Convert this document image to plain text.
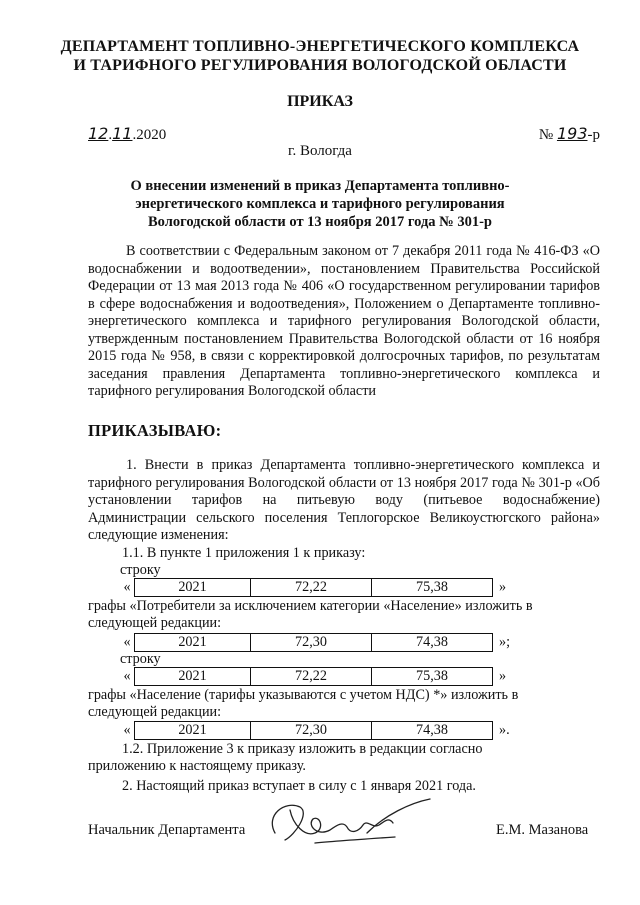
ДЕПАРТАМЕНТ ТОПЛИВНО-ЭНЕРГЕТИЧЕСКОГО КОМПЛЕКСА
И ТАРИФНОГО РЕГУЛИРОВАНИЯ ВОЛОГОДСКОЙ ОБЛАСТИ
ПРИКАЗ
12.11.2020	№ 193-р
г. Вологда
О внесении изменений в приказ Департамента топливно-энергетического комплекса и тарифного регулирования Вологодской области от 13 ноября 2017 года № 301-р
В соответствии с Федеральным законом от 7 декабря 2011 года № 416-ФЗ «О водоснабжении и водоотведении», постановлением Правительства Российской Федерации от 13 мая 2013 года № 406 «О государственном регулировании тарифов в сфере водоснабжения и водоотведения», Положением о Департаменте топливно-энергетического комплекса и тарифного регулирования Вологодской области, утвержденным постановлением Правительства Вологодской области от 16 ноября 2015 года № 958, в связи с корректировкой долгосрочных тарифов, по результатам заседания правления Департамента топливно-энергетического комплекса и тарифного регулирования Вологодской области
ПРИКАЗЫВАЮ:
1. Внести в приказ Департамента топливно-энергетического комплекса и тарифного регулирования Вологодской области от 13 ноября 2017 года № 301-р «Об установлении тарифов на питьевую воду (питьевое водоснабжение) Администрации сельского поселения Теплогорское Великоустюгского района» следующие изменения:
1.1. В пункте 1 приложения 1 к приказу:
строку
«	2021	72,22	75,38	»
графы «Потребители за исключением категории «Население» изложить в
следующей редакции:
«	2021	72,30	74,38	»;
строку
«	2021	72,22	75,38	»
графы «Население (тарифы указываются с учетом НДС) *» изложить в
следующей редакции:
«	2021	72,30	74,38	».
1.2. Приложение 3 к приказу изложить в редакции согласно
приложению к настоящему приказу.
2. Настоящий приказ вступает в силу с 1 января 2021 года.
Начальник Департамента	Е.М. Мазанова
